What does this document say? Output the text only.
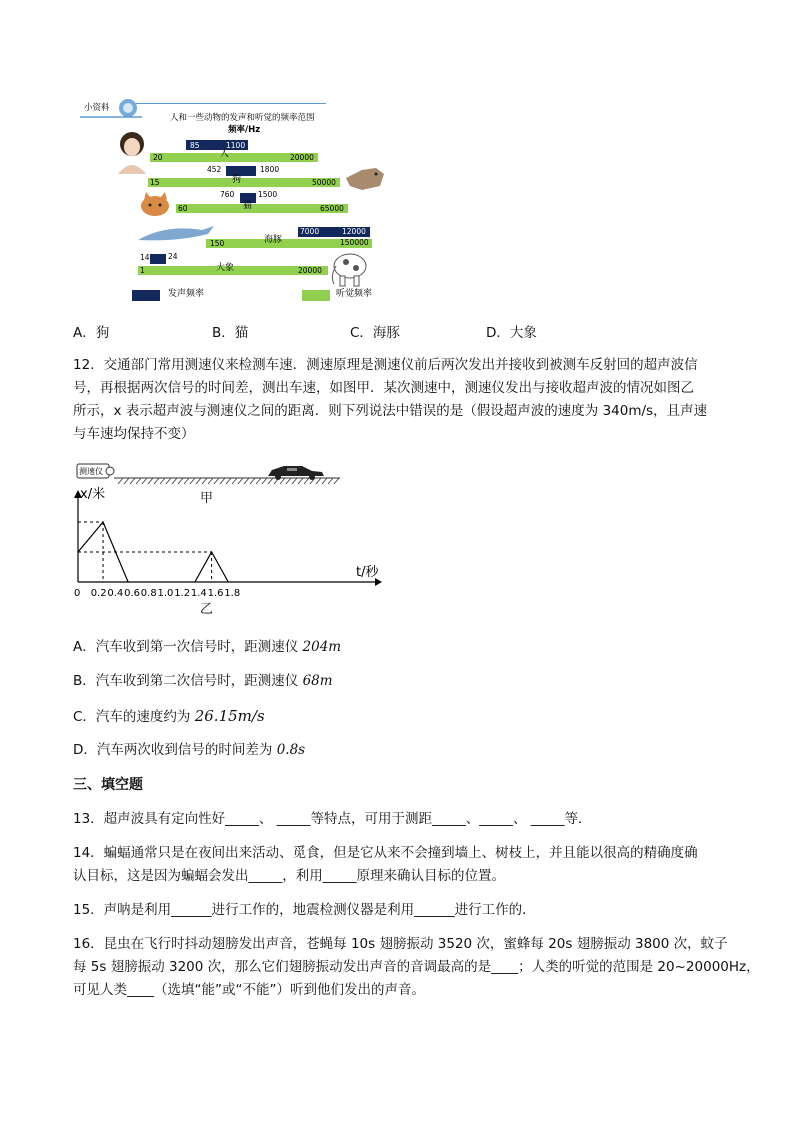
小资料
人和一些动物的发声和听觉的频率范围
频率/Hz
85	1100
20	人	20000
452	1800
15	狗	50000
760	1500
60	猫	65000
7000	12000
150	海豚	150000
14 24
1	大象	20000
发声频率	听觉频率
A．狗	B．猫	C．海豚	D．大象
12．交通部门常用测速仪来检测车速．测速原理是测速仪前后两次发出并接收到被测车反射回的超声波信
号，再根据两次信号的时间差，测出车速，如图甲．某次测速中，测速仪发出与接收超声波的情况如图乙
所示，x 表示超声波与测速仪之间的距离．则下列说法中错误的是（假设超声波的速度为 340m/s，且声速
与车速均保持不变）
测速仪
甲
x/米
t/秒
0 0.2 0.4 0.6 0.8 1.0 1.2 1.4 1.6 1.8
乙
A．汽车收到第一次信号时，距测速仪 204m
B．汽车收到第二次信号时，距测速仪 68m
C．汽车的速度约为 26.15m/s
D．汽车两次收到信号的时间差为 0.8s
三、填空题
13．超声波具有定向性好_____、 _____等特点，可用于测距_____、_____、 _____等．
14．蝙蝠通常只是在夜间出来活动、觅食，但是它从来不会撞到墙上、树枝上，并且能以很高的精确度确
认目标，这是因为蝙蝠会发出_____，利用_____原理来确认目标的位置。
15．声呐是利用______进行工作的，地震检测仪器是利用______进行工作的．
16．昆虫在飞行时抖动翅膀发出声音，苍蝇每 10s 翅膀振动 3520 次，蜜蜂每 20s 翅膀振动 3800 次，蚊子
每 5s 翅膀振动 3200 次，那么它们翅膀振动发出声音的音调最高的是____；人类的听觉的范围是 20~20000Hz，
可见人类____（选填“能”或“不能”）听到他们发出的声音。
